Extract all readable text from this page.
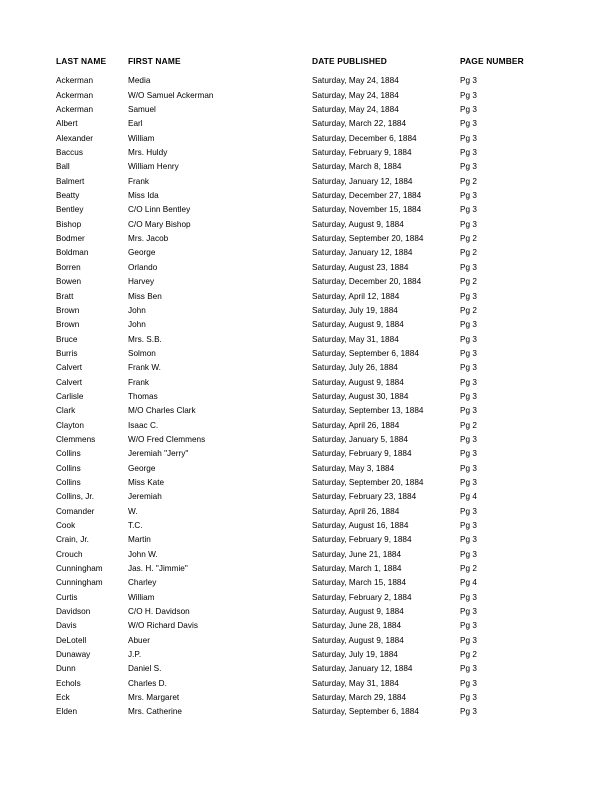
LAST NAME	FIRST NAME	DATE PUBLISHED	PAGE NUMBER
Ackerman	Media	Saturday, May 24, 1884	Pg 3
Ackerman	W/O Samuel Ackerman	Saturday, May 24, 1884	Pg 3
Ackerman	Samuel	Saturday, May 24, 1884	Pg 3
Albert	Earl	Saturday, March 22, 1884	Pg 3
Alexander	William	Saturday, December 6, 1884	Pg 3
Baccus	Mrs. Huldy	Saturday, February 9, 1884	Pg 3
Ball	William Henry	Saturday, March 8, 1884	Pg 3
Balmert	Frank	Saturday, January 12, 1884	Pg 2
Beatty	Miss Ida	Saturday, December 27, 1884	Pg 3
Bentley	C/O Linn Bentley	Saturday, November 15, 1884	Pg 3
Bishop	C/O Mary Bishop	Saturday, August 9, 1884	Pg 3
Bodmer	Mrs. Jacob	Saturday, September 20, 1884	Pg 2
Boldman	George	Saturday, January 12, 1884	Pg 2
Borren	Orlando	Saturday, August 23, 1884	Pg 3
Bowen	Harvey	Saturday, December 20, 1884	Pg 2
Bratt	Miss Ben	Saturday, April 12, 1884	Pg 3
Brown	John	Saturday, July 19, 1884	Pg 2
Brown	John	Saturday, August 9, 1884	Pg 3
Bruce	Mrs. S.B.	Saturday, May 31, 1884	Pg 3
Burris	Solmon	Saturday, September 6, 1884	Pg 3
Calvert	Frank W.	Saturday, July 26, 1884	Pg 3
Calvert	Frank	Saturday, August 9, 1884	Pg 3
Carlisle	Thomas	Saturday, August 30, 1884	Pg 3
Clark	M/O Charles Clark	Saturday, September 13, 1884	Pg 3
Clayton	Isaac C.	Saturday, April 26, 1884	Pg 2
Clemmens	W/O Fred Clemmens	Saturday, January 5, 1884	Pg 3
Collins	Jeremiah "Jerry"	Saturday, February 9, 1884	Pg 3
Collins	George	Saturday, May 3, 1884	Pg 3
Collins	Miss Kate	Saturday, September 20, 1884	Pg 3
Collins, Jr.	Jeremiah	Saturday, February 23, 1884	Pg 4
Comander	W.	Saturday, April 26, 1884	Pg 3
Cook	T.C.	Saturday, August 16, 1884	Pg 3
Crain, Jr.	Martin	Saturday, February 9, 1884	Pg 3
Crouch	John W.	Saturday, June 21, 1884	Pg 3
Cunningham	Jas. H. "Jimmie"	Saturday, March 1, 1884	Pg 2
Cunningham	Charley	Saturday, March 15, 1884	Pg 4
Curtis	William	Saturday, February 2, 1884	Pg 3
Davidson	C/O H. Davidson	Saturday, August 9, 1884	Pg 3
Davis	W/O Richard Davis	Saturday, June 28, 1884	Pg 3
DeLotell	Abuer	Saturday, August 9, 1884	Pg 3
Dunaway	J.P.	Saturday, July 19, 1884	Pg 2
Dunn	Daniel S.	Saturday, January 12, 1884	Pg 3
Echols	Charles D.	Saturday, May 31, 1884	Pg 3
Eck	Mrs. Margaret	Saturday, March 29, 1884	Pg 3
Elden	Mrs. Catherine	Saturday, September 6, 1884	Pg 3
